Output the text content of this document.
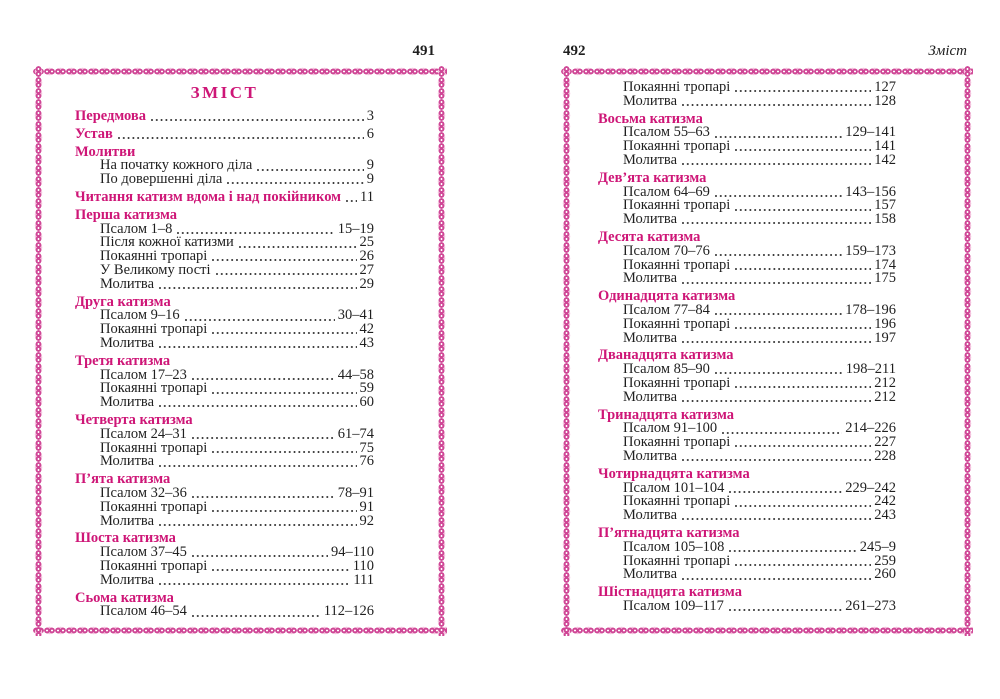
491	492	Зміст
ЗМІСТ
Передмова	3
Устав	6
Молитви
На початку кожного діла	9
По довершенні діла	9
Читання катизм вдома і над покійником 11
Перша катизма
Псалом 1–8	15–19
Після кожної катизми	25
Покаянні тропарі	26
У Великому пості	27
Молитва	29
Друга катизма
Псалом 9–16	30–41
Покаянні тропарі	42
Молитва	43
Третя катизма
Псалом 17–23	44–58
Покаянні тропарі	59
Молитва	60
Четверта катизма
Псалом 24–31	61–74
Покаянні тропарі	75
Молитва	76
П’ята катизма
Псалом 32–36	78–91
Покаянні тропарі	91
Молитва	92
Шоста катизма
Псалом 37–45	94–110
Покаянні тропарі	110
Молитва	111
Сьома катизма
Псалом 46–54	112–126
Покаянні тропарі	127
Молитва	128
Восьма катизма
Псалом 55–63	129–141
Покаянні тропарі	141
Молитва	142
Дев’ята катизма
Псалом 64–69	143–156
Покаянні тропарі	157
Молитва	158
Десята катизма
Псалом 70–76	159–173
Покаянні тропарі	174
Молитва	175
Одинадцята катизма
Псалом 77–84	178–196
Покаянні тропарі	196
Молитва	197
Дванадцята катизма
Псалом 85–90	198–211
Покаянні тропарі	212
Молитва	212
Тринадцята катизма
Псалом 91–100	214–226
Покаянні тропарі	227
Молитва	228
Чотирнадцята катизма
Псалом 101–104	229–242
Покаянні тропарі	242
Молитва	243
П’ятнадцята катизма
Псалом 105–108	245–9
Покаянні тропарі	259
Молитва	260
Шістнадцята катизма
Псалом 109–117	261–273
